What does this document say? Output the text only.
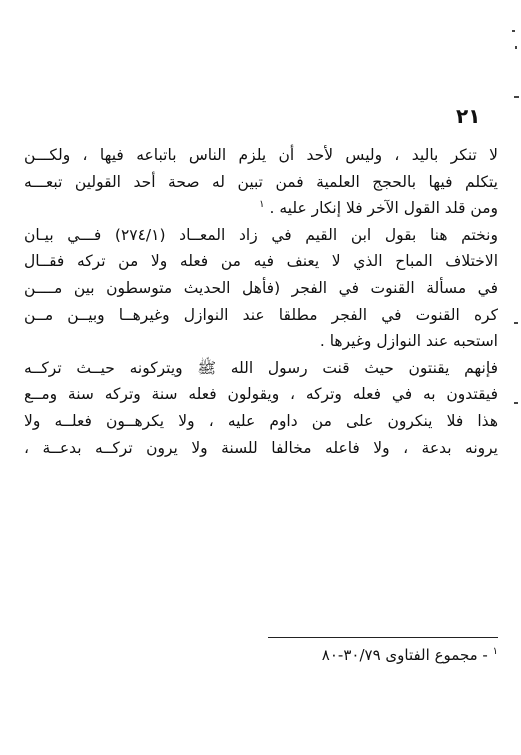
٢١
لا تنكر باليد ، وليس لأحد أن يلزم الناس باتباعه فيها ، ولكـــن
يتكلم فيها بالحجج العلمية فمن تبين له صحة أحد القولين تبعـــه
ومن قلد القول الآخر فلا إنكار عليه . $^١$
ونختم هنا بقول ابن القيم في زاد المعــاد (٢٧٤/١) فـــي بيـان
الاختلاف المباح الذي لا يعنف فيه من فعله ولا من تركه فقــال
في مسألة القنوت في الفجر (فأهل الحديث متوسطون بين مــــن
كره القنوت في الفجر مطلقا عند النوازل وغيرهــا وبيــن مــن
استحبه عند النوازل وغيرها .
فإنهم يقنتون حيث قنت رسول الله ﷺ ويتركونه حيــث تركــه
فيقتدون به في فعله وتركه ، ويقولون فعله سنة وتركه سنة ومــع
هذا فلا ينكرون على من داوم عليه ، ولا يكرهــون فعلــه ولا
يرونه بدعة ، ولا فاعله مخالفا للسنة ولا يرون تركــه بدعــة ،
$^١$ - مجموع الفتاوى ٣٠/٧٩-٨٠
